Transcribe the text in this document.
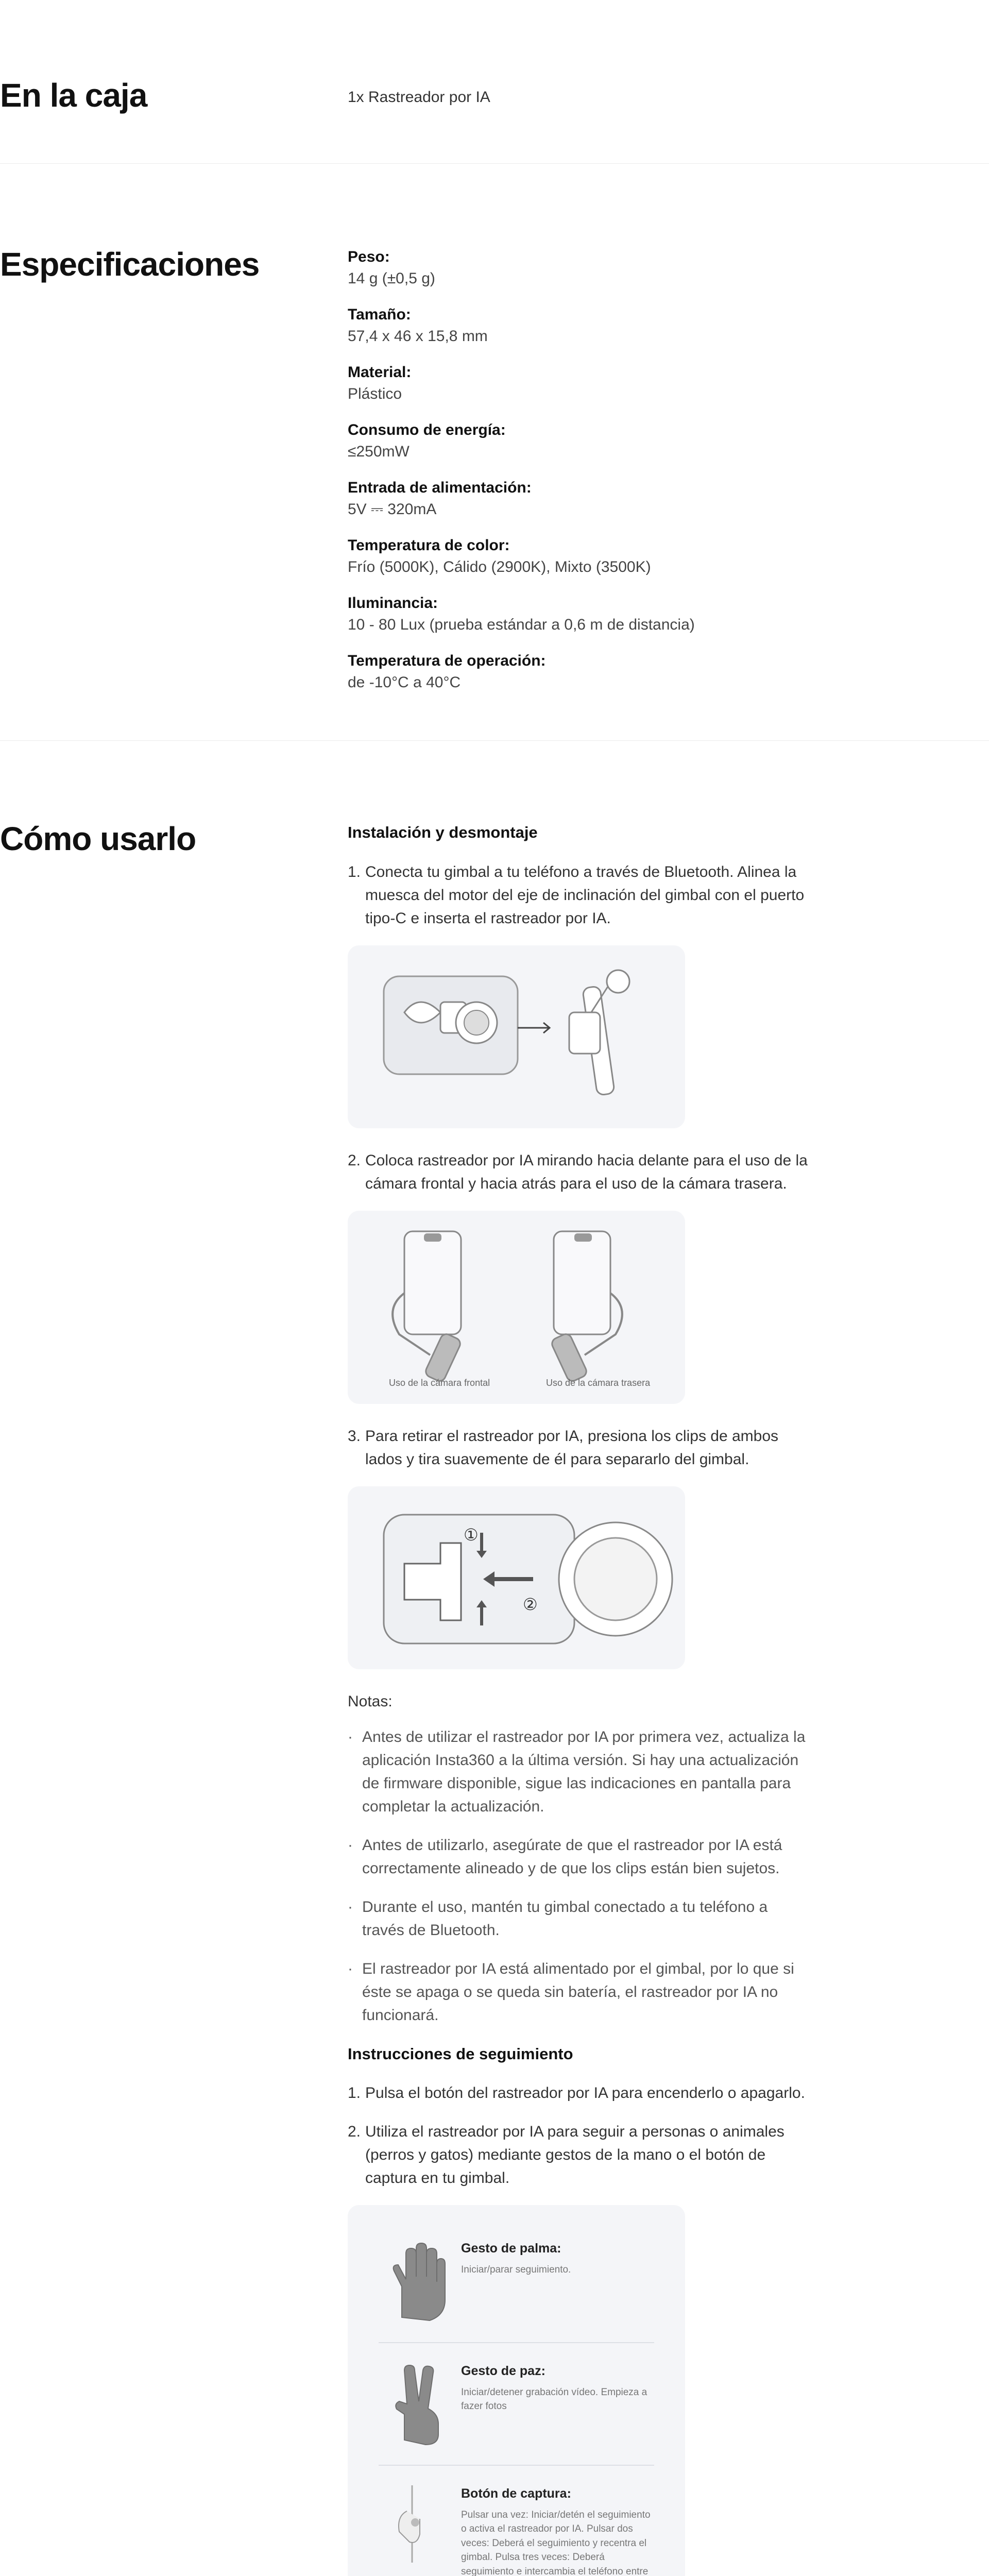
En la caja	1x Rastreador por IA

Especificaciones	Peso:

14 g (±0,5 g)

Tamaño:

57,4 x 46 x 15,8 mm

Material:

Plástico

Consumo de energía:

≤250mW

Entrada de alimentación:

5V ⎓ 320mA

Temperatura de color:

Frío (5000K), Cálido (2900K), Mixto (3500K)

Iluminancia:

10 - 80 Lux (prueba estándar a 0,6 m de distancia)

Temperatura de operación:

de -10°C a 40°C

Cómo usarlo	Instalación y desmontaje
1. Conecta tu gimbal a tu teléfono a través de Bluetooth. Alinea la muesca del motor del eje de inclinación del gimbal con el puerto tipo-C e inserta el rastreador por IA.
2. Coloca rastreador por IA mirando hacia delante para el uso de la cámara frontal y hacia atrás para el uso de la cámara trasera.
Uso de la cámara frontal	Uso de la cámara trasera
3. Para retirar el rastreador por IA, presiona los clips de ambos lados y tira suavemente de él para separarlo del gimbal.
①
②

Notas:

· Antes de utilizar el rastreador por IA por primera vez, actualiza la aplicación Insta360 a la última versión. Si hay una actualización de firmware disponible, sigue las indicaciones en pantalla para completar la actualización.
· Antes de utilizarlo, asegúrate de que el rastreador por IA está correctamente alineado y de que los clips están bien sujetos.
· Durante el uso, mantén tu gimbal conectado a tu teléfono a través de Bluetooth.
· El rastreador por IA está alimentado por el gimbal, por lo que si éste se apaga o se queda sin batería, el rastreador por IA no funcionará.
Instrucciones de seguimiento
1. Pulsa el botón del rastreador por IA para encenderlo o apagarlo.
2. Utiliza el rastreador por IA para seguir a personas o animales (perros y gatos) mediante gestos de la mano o el botón de captura en tu gimbal.

Gesto de palma:

Iniciar/parar seguimiento.

Gesto de paz:

Iniciar/detener grabación vídeo. Empieza a fazer fotos

Botón de captura:

Pulsar una vez: Iniciar/detén el seguimiento o activa el rastreador por IA. Pulsar dos veces: Deberá el seguimiento y recentra el gimbal. Pulsa tres veces: Deberá seguimiento e intercambia el teléfono entre
